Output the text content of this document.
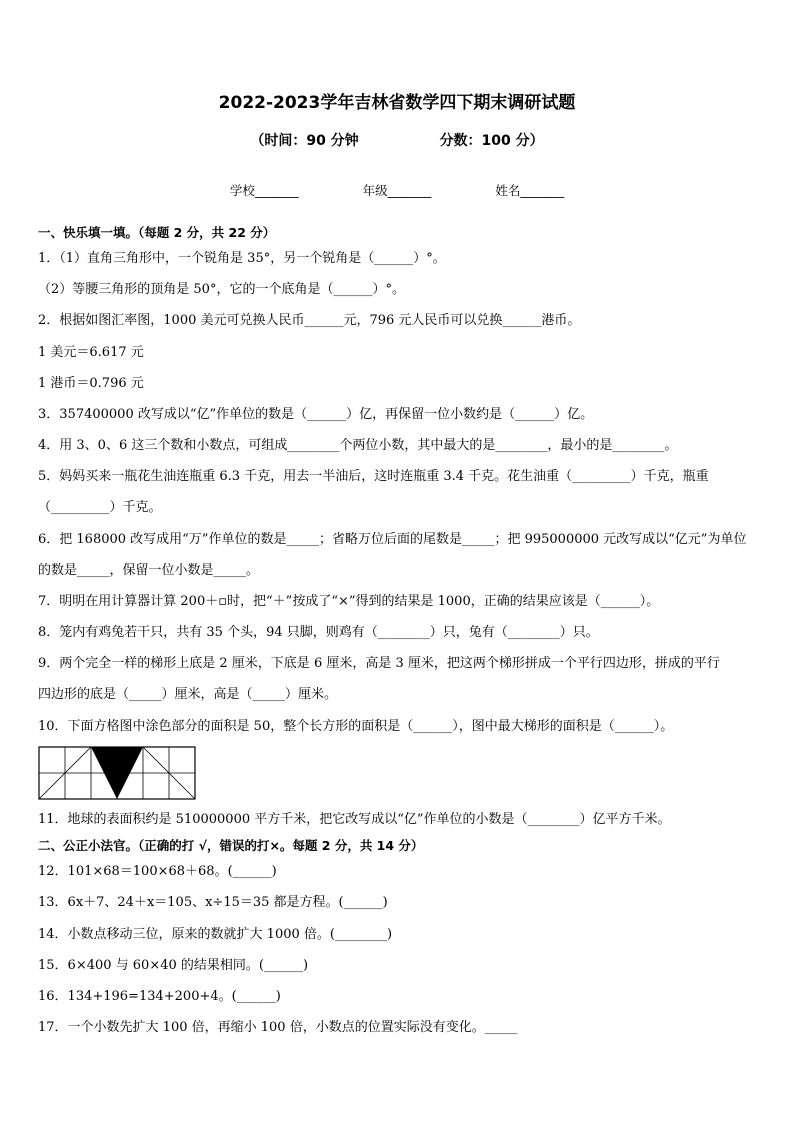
2022-2023学年吉林省数学四下期末调研试题
（时间：90 分钟	分数：100 分）
学校_______	年级_______	姓名_______
一、快乐填一填。（每题 2 分，共 22 分）
1．（1）直角三角形中，一个锐角是 35°，另一个锐角是（______）°。
（2）等腰三角形的顶角是 50°，它的一个底角是（______）°。
2．根据如图汇率图，1000 美元可兑换人民币______元，796 元人民币可以兑换______港币。
1 美元＝6.617 元
1 港币＝0.796 元
3．357400000 改写成以“亿”作单位的数是（______）亿，再保留一位小数约是（______）亿。
4．用 3、0、6 这三个数和小数点，可组成________个两位小数，其中最大的是________，最小的是________。
5．妈妈买来一瓶花生油连瓶重 6.3 千克，用去一半油后，这时连瓶重 3.4 千克。花生油重（_________）千克，瓶重
（_________）千克。
6．把 168000 改写成用“万”作单位的数是_____；省略万位后面的尾数是_____；把 995000000 元改写成以“亿元”为单位
的数是_____，保留一位小数是_____。
7．明明在用计算器计算 200＋▫时，把“＋”按成了“×”得到的结果是 1000，正确的结果应该是（______）。
8．笼内有鸡兔若干只，共有 35 个头，94 只脚，则鸡有（________）只，兔有（________）只。
9．两个完全一样的梯形上底是 2 厘米，下底是 6 厘米，高是 3 厘米，把这两个梯形拼成一个平行四边形，拼成的平行
四边形的底是（_____）厘米，高是（_____）厘米。
10．下面方格图中涂色部分的面积是 50，整个长方形的面积是（______），图中最大梯形的面积是（______）。
11．地球的表面积约是 510000000 平方千米，把它改写成以“亿”作单位的小数是（________）亿平方千米。
二、公正小法官。（正确的打 √，错误的打×。每题 2 分，共 14 分）
12．101×68＝100×68＋68。(______)
13．6x＋7、24＋x＝105、x÷15＝35 都是方程。(______)
14．小数点移动三位，原来的数就扩大 1000 倍。(________)
15．6×400 与 60×40 的结果相同。(______)
16．134+196=134+200+4。(______)
17．一个小数先扩大 100 倍，再缩小 100 倍，小数点的位置实际没有变化。_____
